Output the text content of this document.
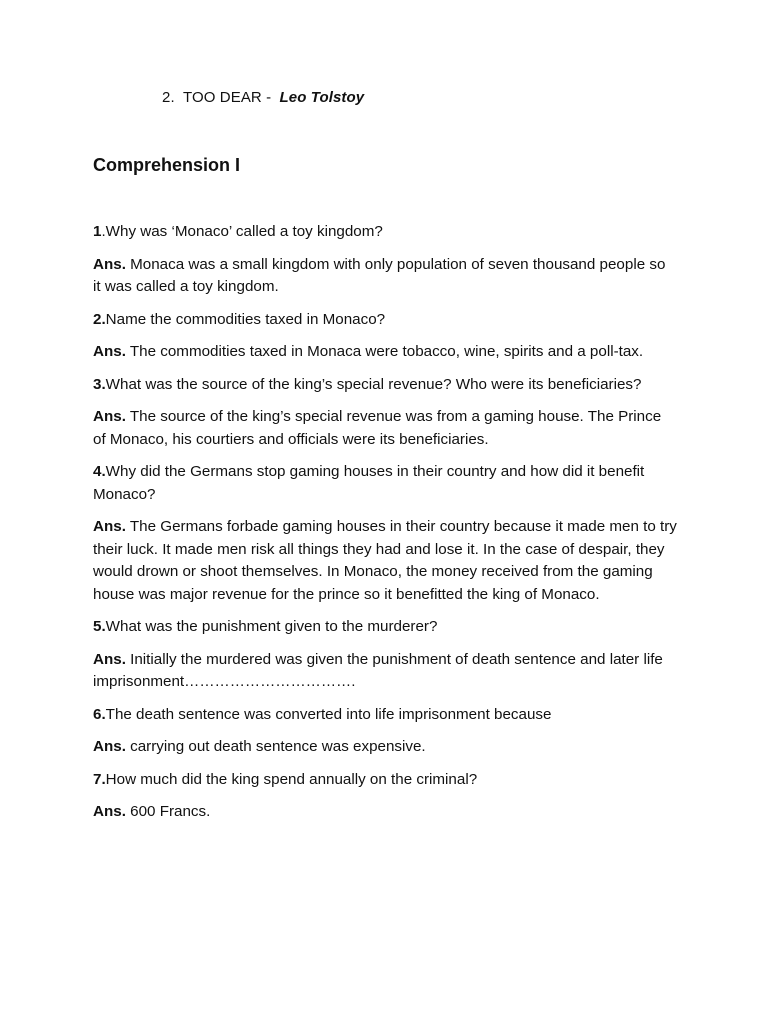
2. TOO DEAR - Leo Tolstoy
Comprehension I

1.Why was ‘Monaco’ called a toy kingdom?

Ans. Monaca was a small kingdom with only population of seven thousand people so it was called a toy kingdom.

2.Name the commodities taxed in Monaco?

Ans. The commodities taxed in Monaca were tobacco, wine, spirits and a poll-tax.

3.What was the source of the king’s special revenue? Who were its beneficiaries?

Ans. The source of the king’s special revenue was from a gaming house. The Prince of Monaco, his courtiers and officials were its beneficiaries.

4.Why did the Germans stop gaming houses in their country and how did it benefit Monaco?

Ans. The Germans forbade gaming houses in their country because it made men to try their luck. It made men risk all things they had and lose it. In the case of despair, they would drown or shoot themselves. In Monaco, the money received from the gaming house was major revenue for the prince so it benefitted the king of Monaco.

5.What was the punishment given to the murderer?

Ans. Initially the murdered was given the punishment of death sentence and later life imprisonment…………………………….

6.The death sentence was converted into life imprisonment because

Ans. carrying out death sentence was expensive.

7.How much did the king spend annually on the criminal?

Ans. 600 Francs.
